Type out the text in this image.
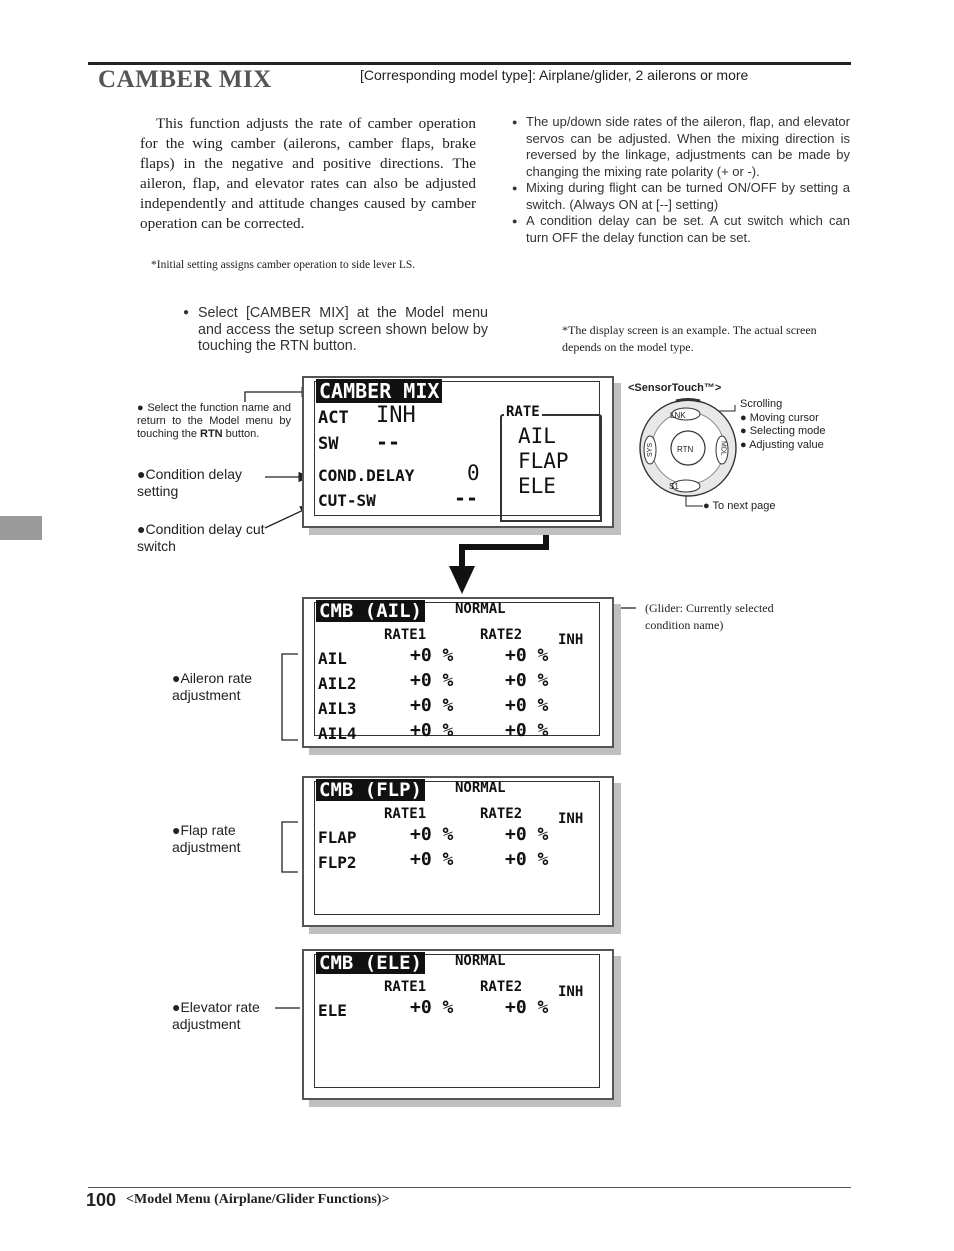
CAMBER MIX	[Corresponding model type]: Airplane/glider, 2 ailerons or more
This function adjusts the rate of camber operation for the wing camber (ailerons, camber flaps, brake flaps) in the negative and positive directions. The aileron, flap, and elevator rates can also be adjusted independently and attitude changes caused by camber operation can be corrected.
*Initial setting assigns camber operation to side lever LS.
● The up/down side rates of the aileron, flap, and elevator servos can be adjusted. When the mixing direction is reversed by the linkage, adjustments can be made by changing the mixing rate polarity (+ or -).
● Mixing during flight can be turned ON/OFF by setting a switch. (Always ON at [--] setting)
● A condition delay can be set. A cut switch which can turn OFF the delay function can be set.
● Select [CAMBER MIX] at the Model menu and access the setup screen shown below by touching the RTN button.
*The display screen is an example. The actual screen depends on the model type.
CAMBER MIX
ACT INH
SW --
COND.DELAY	0
CUT-SW	--
RATE
AIL
FLAP
ELE
● Select the function name and return to the Model menu by touching the RTN button.
●Condition delay setting
●Condition delay cut switch
<SensorTouch™>
LNK
S1
SYS	MDL
RTN
Scrolling
● Moving cursor
● Selecting mode
● Adjusting value
● To next page
CMB (AIL) NORMAL
RATE1	RATE2	INH
AIL	+0 %	+0 %
AIL2	+0 %	+0 %
AIL3	+0 %	+0 %
AIL4	+0 %	+0 %
●Aileron rate adjustment
(Glider: Currently selected condition name)
CMB (FLP) NORMAL
RATE1	RATE2	INH
FLAP	+0 %	+0 %
FLP2	+0 %	+0 %
●Flap rate adjustment
CMB (ELE) NORMAL
RATE1	RATE2	INH
ELE	+0 %	+0 %
●Elevator rate adjustment
100 <Model Menu (Airplane/Glider Functions)>
